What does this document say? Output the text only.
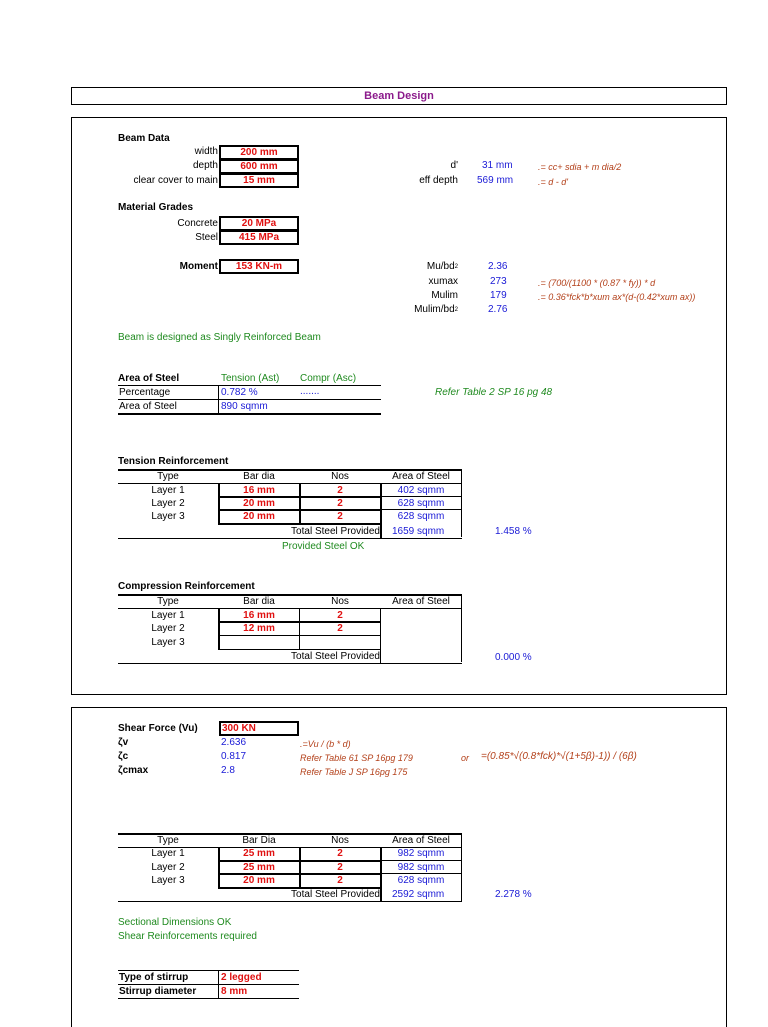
Beam Design
Beam Data
width	200 mm
depth	600 mm
clear cover to main	15 mm
d' 31 mm	.= cc+ sdia + m dia/2
eff depth 569 mm	.= d - d'
Material Grades
Concrete	20 MPa
Steel	415 MPa
Moment	153 KN-m	$Mu/bd^2$	2.36
xumax	273	.= (700/(1100 * (0.87 * fy)) * d
Mulim	179	.= 0.36*fck*b*xum ax*(d-(0.42*xum ax))
Mulim/$bd^2$	2.76
Beam is designed as Singly Reinforced Beam
Area of Steel	Tension (Ast) Compr (Asc)
Percentage	0.782 %	.......	Refer Table 2 SP 16 pg 48
Area of Steel	890 sqmm
Tension Reinforcement
Type	Bar dia	Nos	Area of Steel
Layer 1	16 mm	2	402 sqmm
Layer 2	20 mm	2	628 sqmm
Layer 3	20 mm	2	628 sqmm
Total Steel Provided 1659 sqmm	1.458 %
Provided Steel OK
Compression Reinforcement
Type	Bar dia	Nos	Area of Steel
Layer 1	16 mm	2
Layer 2	12 mm	2
Layer 3
Total Steel Provided	0.000 %
Shear Force (Vu)	300 KN
ζv	2.636	.=Vu / (b * d)
ζc	0.817	Refer Table 61 SP 16pg 179	or =(0.85*√(0.8*fck)*√(1+5β)-1)) / (6β)
ζcmax	2.8	Refer Table J SP 16pg 175
Type	Bar Dia	Nos	Area of Steel
Layer 1	25 mm	2	982 sqmm
Layer 2	25 mm	2	982 sqmm
Layer 3	20 mm	2	628 sqmm
Total Steel Provided 2592 sqmm	2.278 %
Sectional Dimensions OK
Shear Reinforcements required
Type of stirrup	2 legged
Stirrup diameter 8 mm
